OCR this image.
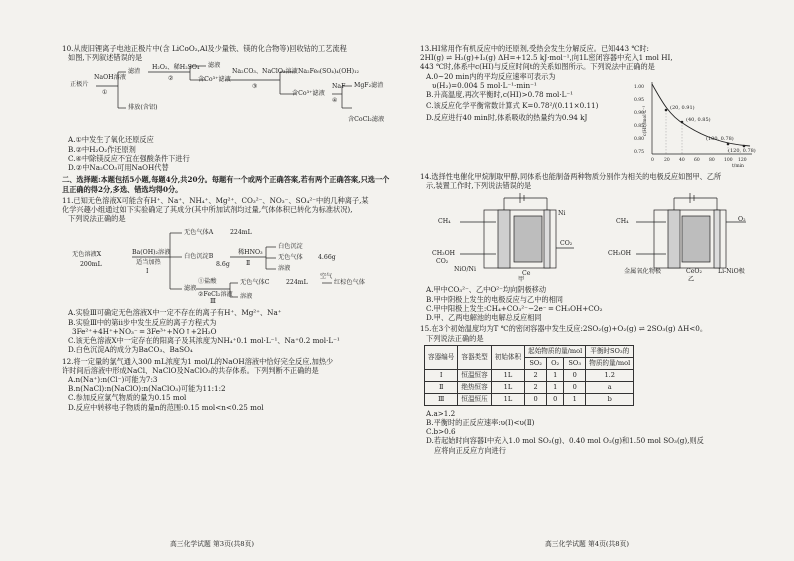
10.从废旧锂离子电池正极片中(含 LiCoO₂,Al及少量铁、镁的化合物等)回收钴的工艺流程
如图,下列叙述错误的是
正极片
NaOH溶液
①
滤渣
排放(含铝)
H₂O₂、稀H₂SO₄
②
滤液
含Co³⁺滤液
Na₂CO₃、NaClO₃溶液
③
Na₂Fe₆(SO₄)₄(OH)₁₂
含Co³⁺滤液
NaF
④
MgF₂滤渣
含CoCl₂滤液
A.①中发生了氧化还原反应
B.②中H₂O₂作还原剂
C.④中除镁反应不宜在强酸条件下进行
D.②中Na₂CO₃可用NaOH代替
二、选择题:本题包括5小题,每题4分,共20分。每题有一个或两个正确答案,若有两个正确答案,只选一个且正确的得2分,多选、错选均得0分。
11.已知无色溶液X可能含有H⁺、Na⁺、NH₄⁺、Mg²⁺、CO₃²⁻、NO₃⁻、SO₄²⁻中的几种离子,某
化学兴趣小组通过如下实验确定了其成分(其中所加试剂均过量,气体体积已转化为标准状况),
下列说法正确的是
无色溶液X
200mL
Ba(OH)₂溶液
适当加热
Ⅰ
无色气体A	224mL
白色沉淀B
8.6g
稀HNO₃
Ⅱ
白色沉淀
4.66g
无色气体
溶液
滤液
①盐酸
②FeCl₂溶液
Ⅲ
无色气体C	224mL
空气
红棕色气体
溶液
A.实验Ⅲ可确定无色溶液X中一定不存在的离子有H⁺、Mg²⁺、Na⁺
B.实验Ⅲ中的第ⅱ步中发生反应的离子方程式为
3Fe²⁺+4H⁺+NO₃⁻ ═ 3Fe³⁺+NO↑+2H₂O
C.该无色溶液X中一定存在的阳离子及其浓度为NH₄⁺0.1 mol·L⁻¹、Na⁺0.2 mol·L⁻¹
D.白色沉淀A的成分为BaCO₃、BaSO₄
12.将一定量的氯气通入300 mL浓度为1 mol/L的NaOH溶液中恰好完全反应,加热少
许时间后溶液中形成NaCl、NaClO及NaClO₃的共存体系。下列判断不正确的是
A.n(Na⁺):n(Cl⁻)可能为7:3
B.n(NaCl):n(NaClO):n(NaClO₃)可能为11:1:2
C.参加反应氯气物质的量为0.15 mol
D.反应中转移电子物质的量n的范围:0.15 mol<n<0.25 mol
13.HI常用作有机反应中的还原剂,受热会发生分解反应。已知443 ℃时:
2HI(g) ⇌ H₂(g)+I₂(g) ΔH=+12.5 kJ·mol⁻¹,向1L密闭容器中充入1 mol HI,
443 ℃时,体系中c(HI)与反应时间t的关系如图所示。下列说法中正确的是
A.0~20 min内的平均反应速率可表示为
υ(H₂)=0.004 5 mol·L⁻¹·min⁻¹
B.升高温度,再次平衡时,c(HI)>0.78 mol·L⁻¹
C.该反应化学平衡常数计算式 K=0.78²/(0.11×0.11)
D.反应进行40 min时,体系吸收的热量约为0.94 kJ
(20, 0.91)
(40, 0.85)
(100, 0.78)
(120, 0.78)
1.00
0.95
0.90
0.85
0.80
0.75
0 20 40 60 80 100 120
t/min
c(HI)/mol·L⁻¹
14.选择性电催化甲烷制取甲醇,同体系也能制备两种物质分别作为相关的电极反应如图甲、乙所
示,装置工作时,下列说法错误的是
CH₄
CH₃OH
CO₂
NiO/Ni
Ni
CO₂
Ce
甲
CH₄
CH₃OH
金属氧化物极	CeO₂	Li-NiO极
O₂
乙
A.甲中CO₃²⁻、乙中O²⁻均向阴极移动
B.甲中阴极上发生的电极反应与乙中的相同
C.甲中阳极上发生:CH₄+CO₃²⁻−2e⁻ ═ CH₃OH+CO₂
D.甲、乙两电解池的电解总反应相同
15.在3个初始温度均为T ℃的密闭容器中发生反应:2SO₂(g)+O₂(g) ⇌ 2SO₃(g) ΔH<0。
下列说法正确的是
容器编号	容器类型	初始体积	起始物质的量/mol			平衡时SO₃的
			SO₂	O₂	SO₃	物质的量/mol
Ⅰ	恒温恒容	1L	2	1	0	1.2
Ⅱ	绝热恒容	1L	2	1	0	a
Ⅲ	恒温恒压	1L	0	0	1	b
A.a>1.2
B.平衡时的正反应速率:υ(Ⅰ)<υ(Ⅱ)
C.b>0.6
D.若起始时向容器Ⅰ中充入1.0 mol SO₂(g)、0.40 mol O₂(g)和1.50 mol SO₃(g),则反
应将向正反应方向进行
高三化学试题 第3页(共8页)	高三化学试题 第4页(共8页)
